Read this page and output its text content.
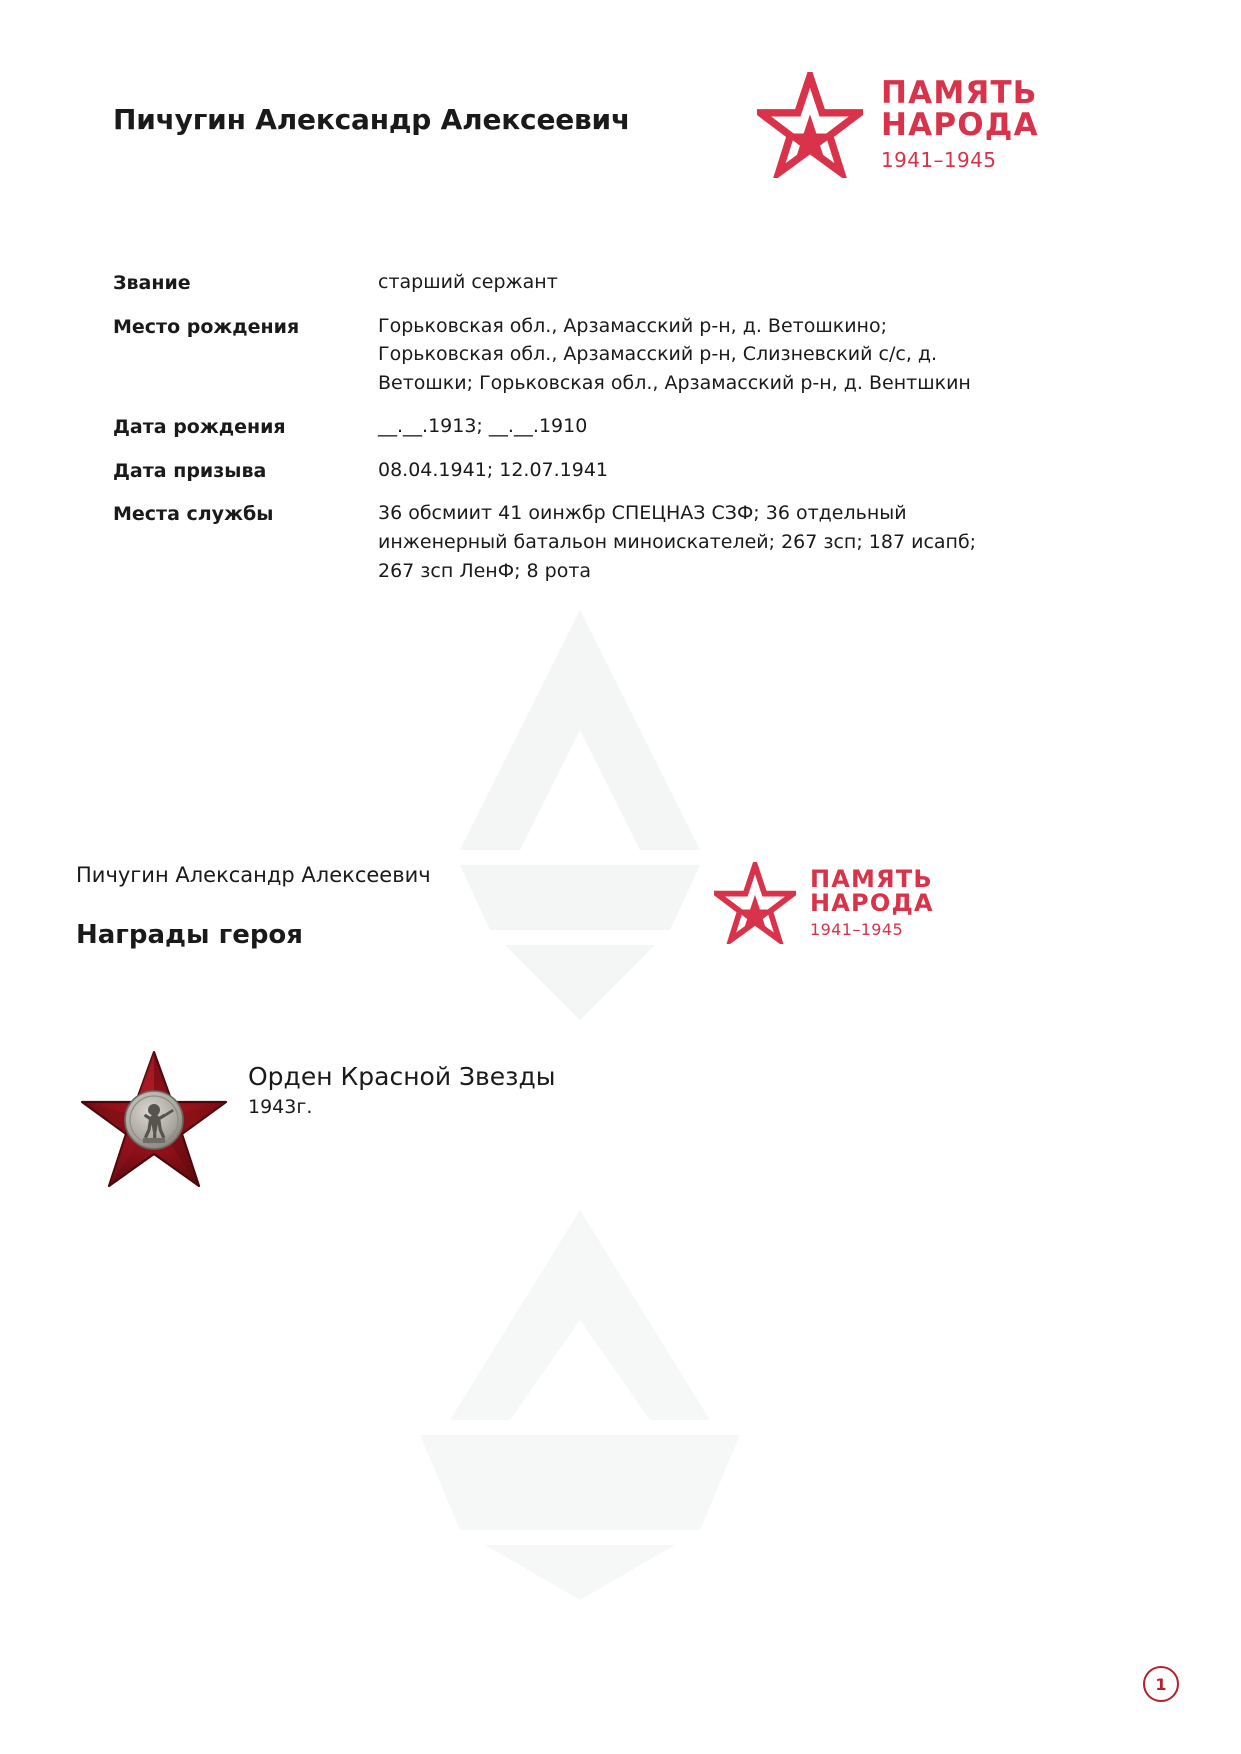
Пичугин Александр Алексеевич
ПАМЯТЬ
НАРОДА
1941–1945
Звание	старший сержант
Место рождения	Горьковская обл., Арзамасский р-н, д. Ветошкино; Горьковская обл., Арзамасский р-н, Слизневский с/с, д. Ветошки; Горьковская обл., Арзамасский р-н, д. Вентшкин
Дата рождения	__.__.1913; __.__.1910
Дата призыва	08.04.1941; 12.07.1941
Места службы	36 обсмиит 41 оинжбр СПЕЦНАЗ СЗФ; 36 отдельный инженерный батальон миноискателей; 267 зсп; 187 исапб; 267 зсп ЛенФ; 8 рота
Пичугин Александр Алексеевич
Награды героя
ПАМЯТЬ
НАРОДА
1941–1945
Орден Красной Звезды
1943г.
1
